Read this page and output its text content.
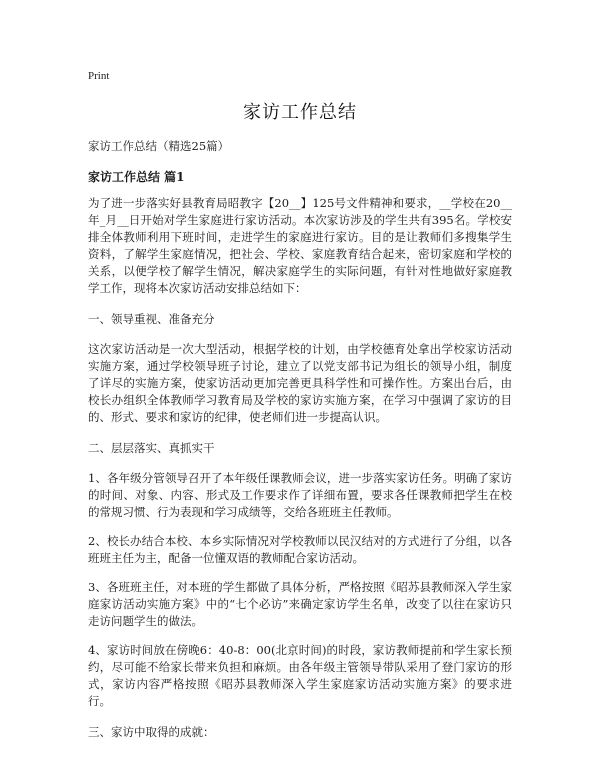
Print
家访工作总结
家访工作总结（精选25篇）
家访工作总结 篇1

为了进一步落实好县教育局昭教字【20__】125号文件精神和要求，__学校在20__年_月__日开始对学生家庭进行家访活动。本次家访涉及的学生共有395名。学校安排全体教师利用下班时间，走进学生的家庭进行家访。目的是让教师们多搜集学生资料，了解学生家庭情况，把社会、学校、家庭教育结合起来，密切家庭和学校的关系，以便学校了解学生情况，解决家庭学生的实际问题，有针对性地做好家庭教学工作，现将本次家访活动安排总结如下：

一、领导重视、准备充分

这次家访活动是一次大型活动，根据学校的计划，由学校德育处拿出学校家访活动实施方案，通过学校领导班子讨论，建立了以党支部书记为组长的领导小组，制度了详尽的实施方案，使家访活动更加完善更具科学性和可操作性。方案出台后，由校长办组织全体教师学习教育局及学校的家访实施方案，在学习中强调了家访的目的、形式、要求和家访的纪律，使老师们进一步提高认识。

二、层层落实、真抓实干

1、各年级分管领导召开了本年级任课教师会议，进一步落实家访任务。明确了家访的时间、对象、内容、形式及工作要求作了详细布置，要求各任课教师把学生在校的常规习惯、行为表现和学习成绩等，交给各班班主任教师。

2、校长办结合本校、本乡实际情况对学校教师以民汉结对的方式进行了分组，以各班班主任为主，配备一位懂双语的教师配合家访活动。

3、各班班主任，对本班的学生都做了具体分析，严格按照《昭苏县教师深入学生家庭家访活动实施方案》中的“七个必访”来确定家访学生名单，改变了以往在家访只走访问题学生的做法。

4、家访时间放在傍晚6：40-8：00(北京时间)的时段，家访教师提前和学生家长预约，尽可能不给家长带来负担和麻烦。由各年级主管领导带队采用了登门家访的形式，家访内容严格按照《昭苏县教师深入学生家庭家访活动实施方案》的要求进行。

三、家访中取得的成就：
